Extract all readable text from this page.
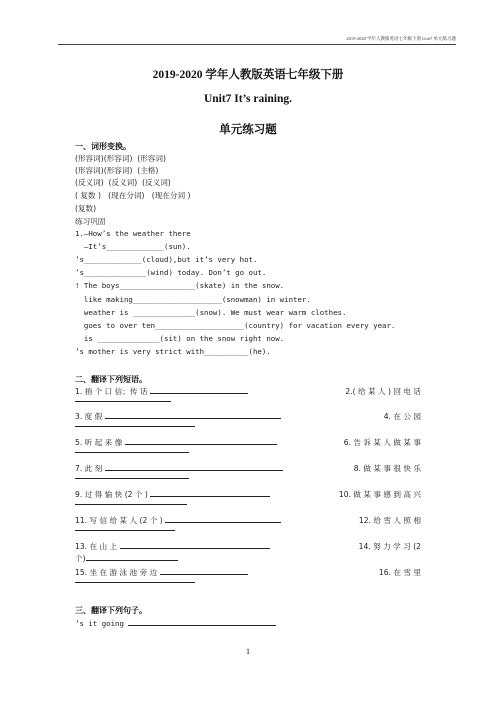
2019-2020 学年人教版英语七年级下册 Unit7 单元练习题
2019-2020 学年人教版英语七年级下册
Unit7 It’s raining.
单元练习题
一、词形变换。
(形容词)(形容词)  (形容词)
(形容词)(形容词)  (主格)
(反义词)  (反义词)  (反义词)
( 复数 )   (现在分词)   (现在分词 )
(复数)
练习巩固
1.—How’s the weather there
—It’s_____________(sun).
’s_____________(cloud),but it’s very hot.
’s______________(wind) today. Don’t go out.
! The boys_________________(skate) in the snow.
like making____________________(snowman) in winter.
weather is ______________(snow). We must wear warm clothes.
goes to over ten____________________(country) for vacation every year.
is ______________(sit) on the snow right now.
’s mother is very strict with__________(he).
二、翻译下列短语。
1. 捎 个 口 信；传 话	2.( 给 某 人 ) 回 电 话
3. 度 假	4. 在 公 园
5. 听 起 来 像	6. 告 诉 某 人 做 某 事
7. 此 刻	8. 做 某 事 很 快 乐
9. 过 得 愉 快 (2 个 )	10. 做 某 事 感 到 高 兴
11. 写 信 给 某 人 (2 个 )	12. 给 雪 人 照 相
13. 在 山 上	14. 努 力 学 习 (2
个)
15. 坐 在 游 泳 池 旁 边	16. 在 雪 里
三、翻译下列句子。
’s it going
1
